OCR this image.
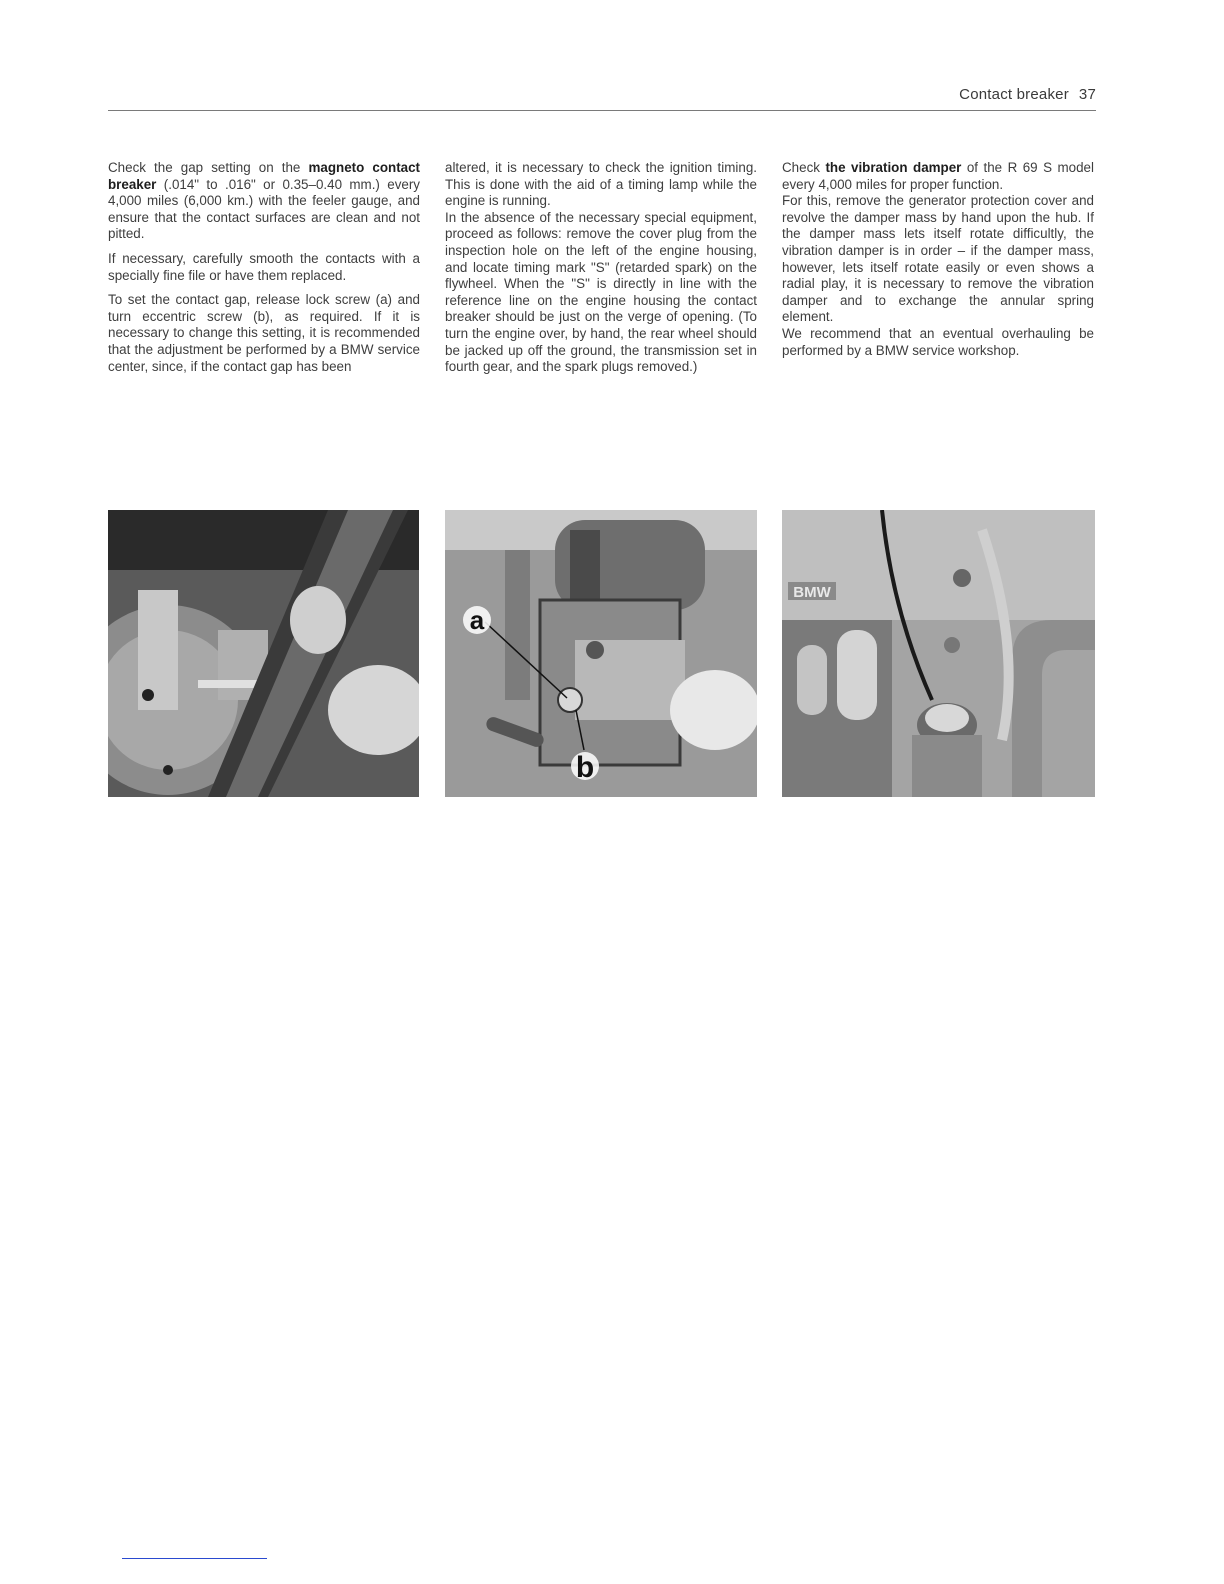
Contact breaker 37

Check the gap setting on the magneto contact breaker (.014" to .016" or 0.35–0.40 mm.) every 4,000 miles (6,000 km.) with the feeler gauge, and ensure that the contact surfaces are clean and not pitted.

If necessary, carefully smooth the contacts with a specially fine file or have them replaced.

To set the contact gap, release lock screw (a) and turn eccentric screw (b), as required. If it is necessary to change this setting, it is recommended that the adjustment be performed by a BMW service center, since, if the contact gap has been

altered, it is necessary to check the ignition timing. This is done with the aid of a timing lamp while the engine is running.

In the absence of the necessary special equipment, proceed as follows: remove the cover plug from the inspection hole on the left of the engine housing, and locate timing mark "S" (retarded spark) on the flywheel. When the "S" is directly in line with the reference line on the engine housing the contact breaker should be just on the verge of opening. (To turn the engine over, by hand, the rear wheel should be jacked up off the ground, the transmission set in fourth gear, and the spark plugs removed.)

Check the vibration damper of the R 69 S model every 4,000 miles for proper function.

For this, remove the generator protection cover and revolve the damper mass by hand upon the hub. If the damper mass lets itself rotate difficultly, the vibration damper is in order – if the damper mass, however, lets itself rotate easily or even shows a radial play, it is necessary to remove the vibration damper and to exchange the annular spring element.

We recommend that an eventual overhauling be performed by a BMW service workshop.

a
b
BMW
